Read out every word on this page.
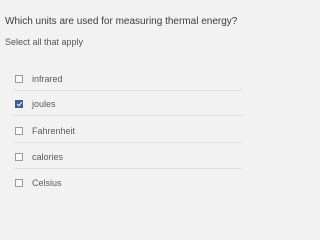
Which units are used for measuring thermal energy?
Select all that apply
infrared
joules
Fahrenheit
calories
Celsius
